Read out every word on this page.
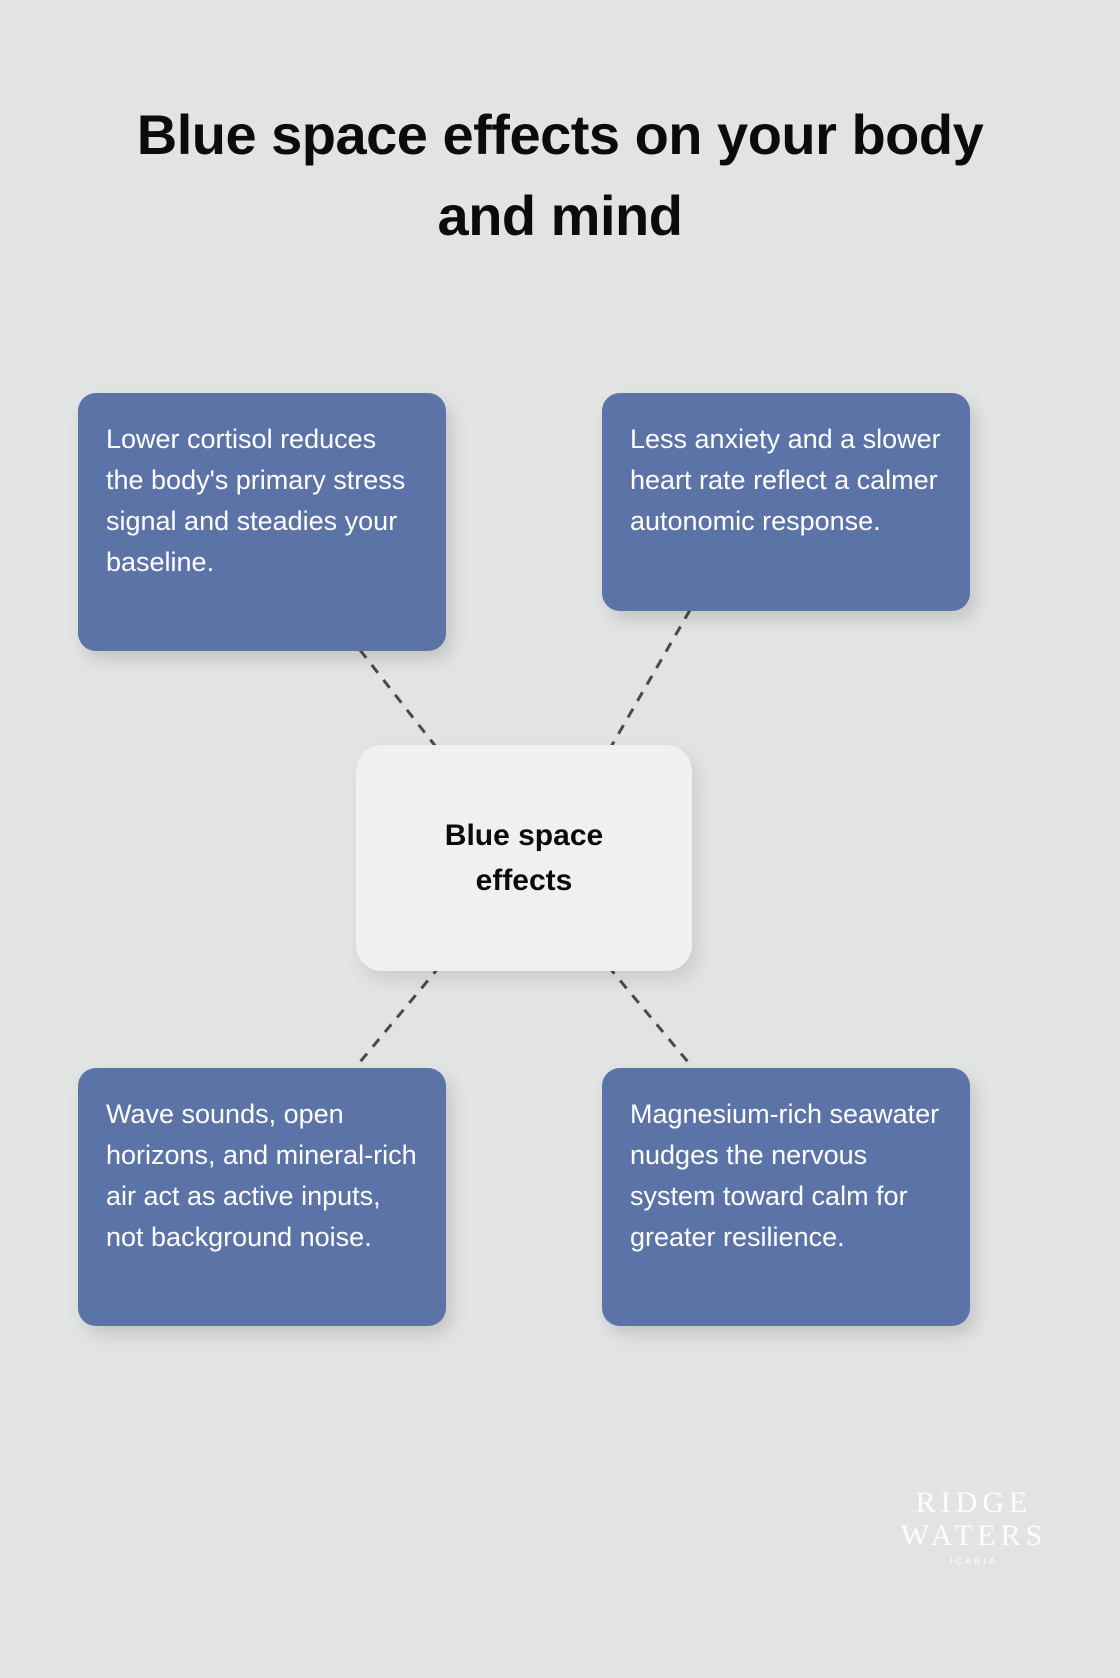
Blue space effects on your body and mind
Lower cortisol reduces the body's primary stress signal and steadies your baseline.
Less anxiety and a slower heart rate reflect a calmer autonomic response.
Wave sounds, open horizons, and mineral-rich air act as active inputs, not background noise.
Magnesium-rich seawater nudges the nervous system toward calm for greater resilience.
Blue space effects
RIDGE
WATERS
ICARIA
